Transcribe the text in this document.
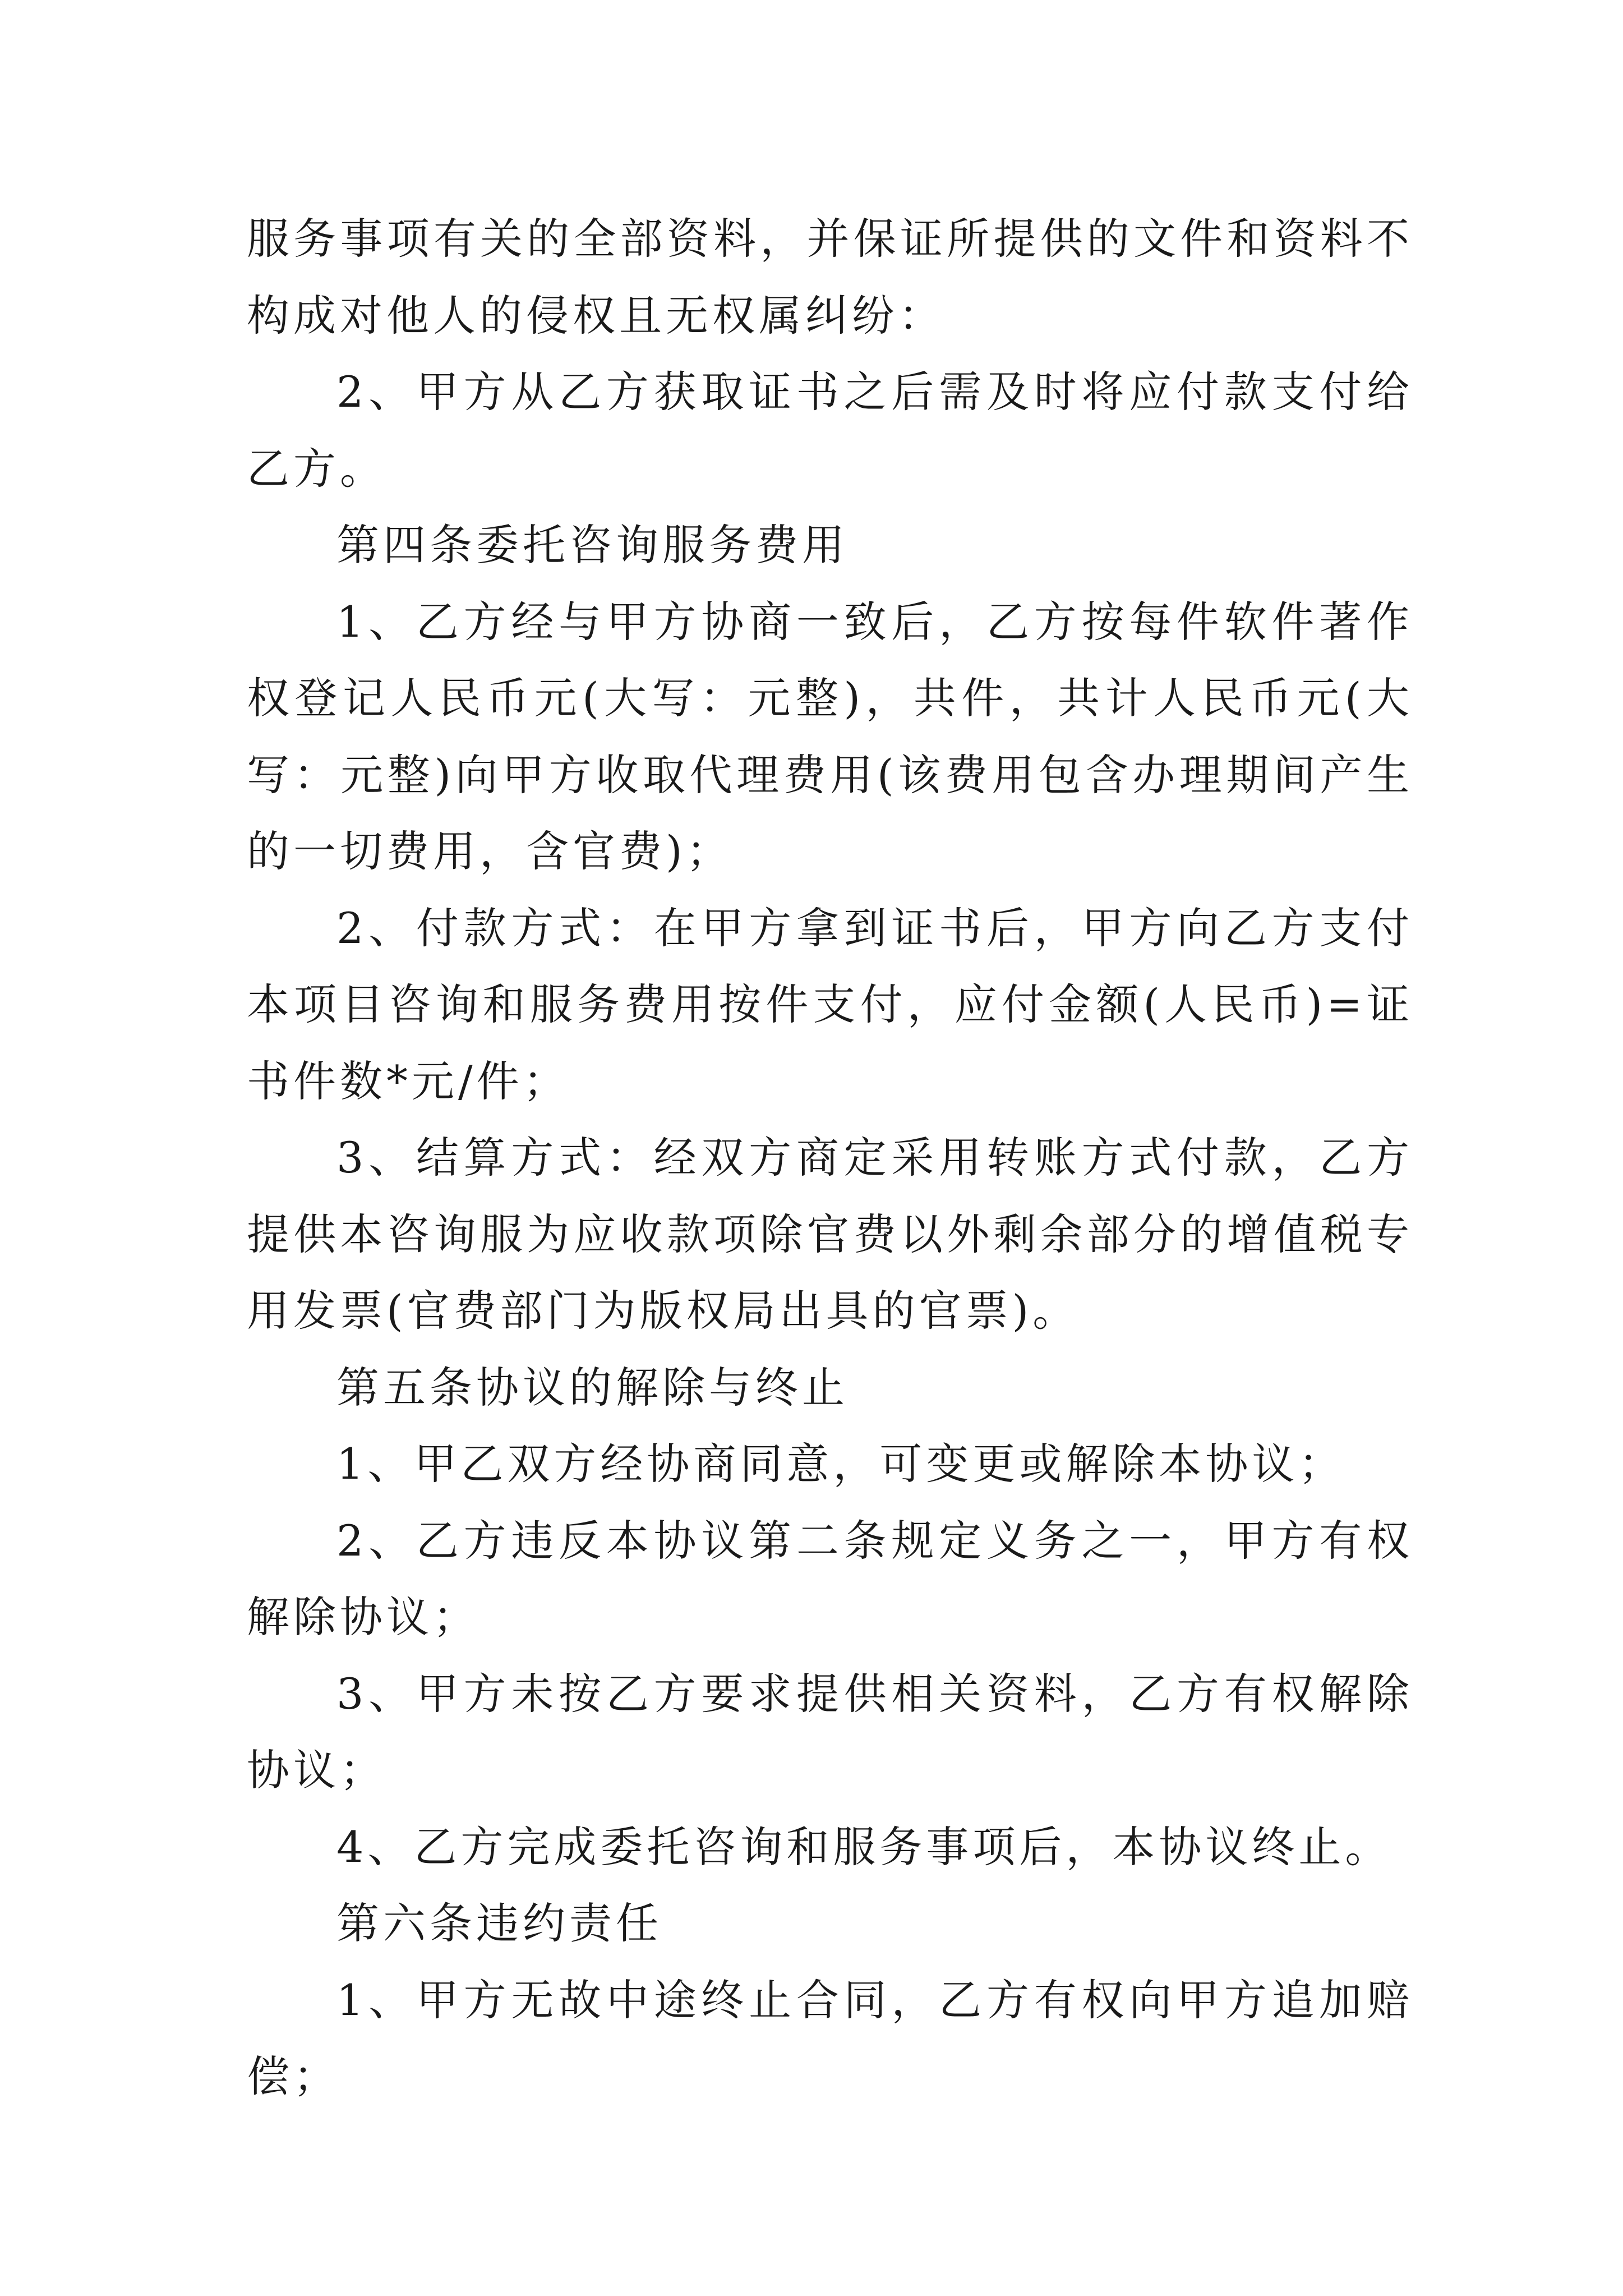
服务事项有关的全部资料，并保证所提供的文件和资料不构成对他人的侵权且无权属纠纷：

2、甲方从乙方获取证书之后需及时将应付款支付给乙方。

第四条委托咨询服务费用

1、乙方经与甲方协商一致后，乙方按每件软件著作权登记人民币元(大写：元整)，共件，共计人民币元(大写：元整)向甲方收取代理费用(该费用包含办理期间产生的一切费用，含官费)；

2、付款方式：在甲方拿到证书后，甲方向乙方支付本项目咨询和服务费用按件支付，应付金额(人民币)=证书件数*元/件；

3、结算方式：经双方商定采用转账方式付款，乙方提供本咨询服为应收款项除官费以外剩余部分的增值税专用发票(官费部门为版权局出具的官票)。

第五条协议的解除与终止

1、甲乙双方经协商同意，可变更或解除本协议；

2、乙方违反本协议第二条规定义务之一，甲方有权解除协议；

3、甲方未按乙方要求提供相关资料，乙方有权解除协议；

4、乙方完成委托咨询和服务事项后，本协议终止。

第六条违约责任

1、甲方无故中途终止合同，乙方有权向甲方追加赔偿；
